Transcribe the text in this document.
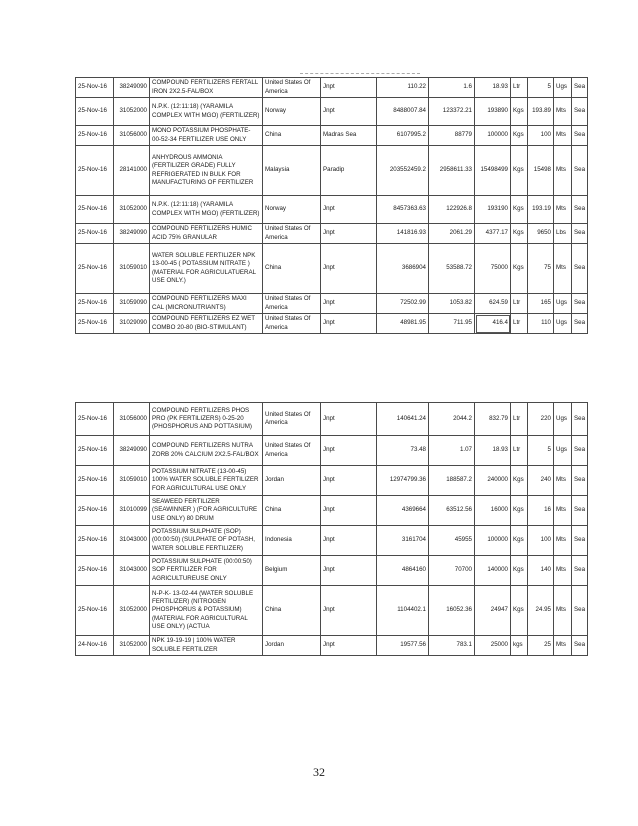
25-Nov-16	38249090	COMPOUND FERTILIZERS FERTALL IRON 2X2.5-FAL/BOX	United States Of America	Jnpt	110.22	1.6	18.93	Ltr	5	Ugs	Sea
25-Nov-16	31052000	N.P.K. (12:11:18) (YARAMILA COMPLEX WITH MGO) (FERTILIZER)	Norway	Jnpt	8488007.84	123372.21	193890	Kgs	193.89	Mts	Sea
25-Nov-16	31056000	MONO POTASSIUM PHOSPHATE- 00-52-34 FERTILIZER USE ONLY	China	Madras Sea	6107995.2	88779	100000	Kgs	100	Mts	Sea
25-Nov-16	28141000	ANHYDROUS AMMONIA (FERTILIZER GRADE) FULLY REFRIGERATED IN BULK FOR MANUFACTURING OF FERTILIZER	Malaysia	Paradip	203552459.2	2958611.33	15498499	Kgs	15498	Mts	Sea
25-Nov-16	31052000	N.P.K. (12:11:18) (YARAMILA COMPLEX WITH MGO) (FERTILIZER)	Norway	Jnpt	8457363.63	122926.8	193190	Kgs	193.19	Mts	Sea
25-Nov-16	38249090	COMPOUND FERTILIZERS HUMIC ACID 75% GRANULAR	United States Of America	Jnpt	141816.93	2061.29	4377.17	Kgs	9650	Lbs	Sea
25-Nov-16	31059010	WATER SOLUBLE FERTILIZER NPK 13-00-45 ( POTASSIUM NITRATE ) (MATERIAL FOR AGRICULATUERAL USE ONLY.)	China	Jnpt	3686904	53588.72	75000	Kgs	75	Mts	Sea
25-Nov-16	31059090	COMPOUND FERTILIZERS MAXI CAL (MICRONUTRIANTS)	United States Of America	Jnpt	72502.99	1053.82	624.59	Ltr	165	Ugs	Sea
25-Nov-16	31029090	COMPOUND FERTILIZERS EZ WET COMBO 20-80 (BIO-STIMULANT)	United States Of America	Jnpt	48981.95	711.95	416.4	Ltr	110	Ugs	Sea
25-Nov-16	31056000	COMPOUND FERTILIZERS PHOS PRO (PK FERTILIZERS) 0-25-20 (PHOSPHORUS AND POTTASIUM)	United States Of America	Jnpt	140641.24	2044.2	832.79	Ltr	220	Ugs	Sea
25-Nov-16	38249090	COMPOUND FERTILIZERS NUTRA ZORB 20% CALCIUM 2X2.5-FAL/BOX	United States Of America	Jnpt	73.48	1.07	18.93	Ltr	5	Ugs	Sea
25-Nov-16	31059010	POTASSIUM NITRATE (13-00-45) 100% WATER SOLUBLE FERTILIZER FOR AGRICULTURAL USE ONLY	Jordan	Jnpt	12974799.36	188587.2	240000	Kgs	240	Mts	Sea
25-Nov-16	31010099	SEAWEED FERTILIZER (SEAWINNER ) (FOR AGRICULTURE USE ONLY) 80 DRUM	China	Jnpt	4369664	63512.56	16000	Kgs	16	Mts	Sea
25-Nov-16	31043000	POTASSIUM SULPHATE (SOP) (00:00:50) (SULPHATE OF POTASH, WATER SOLUBLE FERTILIZER)	Indonesia	Jnpt	3161704	45955	100000	Kgs	100	Mts	Sea
25-Nov-16	31043000	POTASSIUM SULPHATE (00:00:50) SOP FERTILIZER FOR AGRICULTUREUSE ONLY	Belgium	Jnpt	4864160	70700	140000	Kgs	140	Mts	Sea
25-Nov-16	31052000	N-P-K- 13-02-44 (WATER SOLUBLE FERTILIZER) (NITROGEN PHOSPHORUS & POTASSIUM) (MATERIAL FOR AGRICULTURAL USE ONLY) (ACTUA	China	Jnpt	1104402.1	16052.36	24947	Kgs	24.95	Mts	Sea
24-Nov-16	31052000	NPK 19-19-19 | 100% WATER SOLUBLE FERTILIZER	Jordan	Jnpt	19577.56	783.1	25000	kgs	25	Mts	Sea
32
